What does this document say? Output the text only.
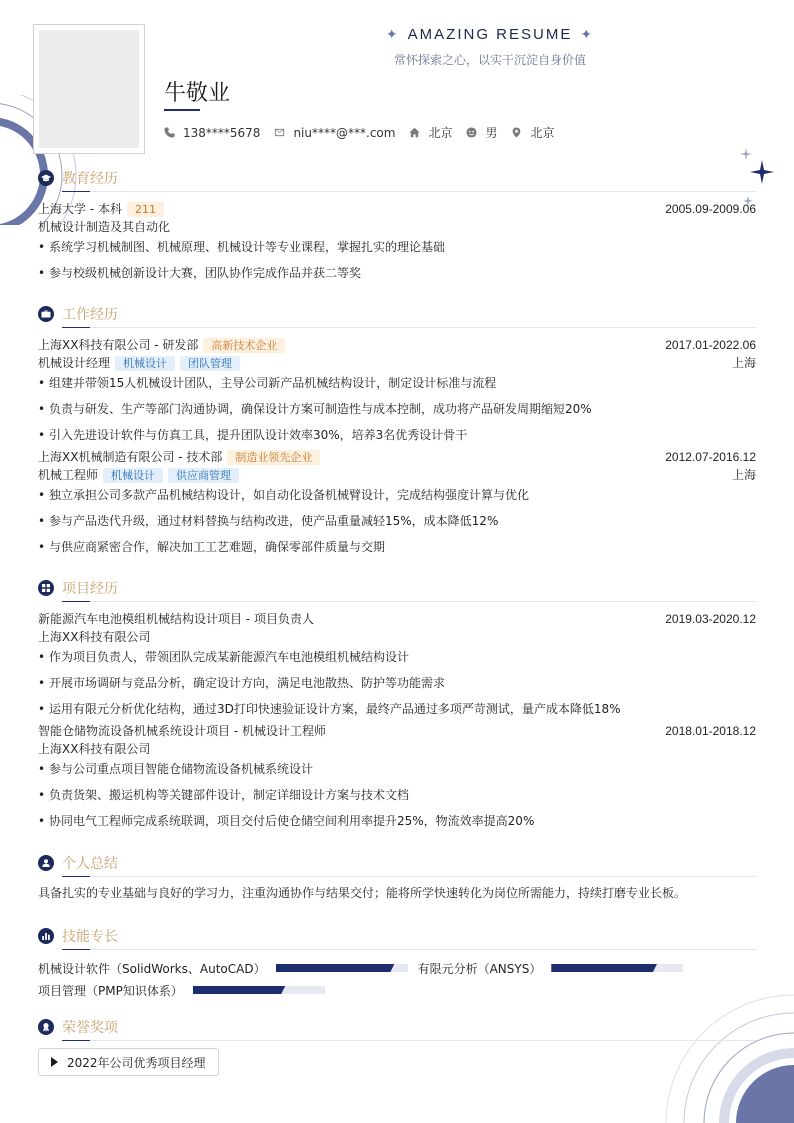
✦ AMAZING RESUME ✦
常怀探索之心，以实干沉淀自身价值
牛敬业
138****5678	niu****@***.com	北京	男	北京
教育经历
上海大学 - 本科	211	2005.09-2009.06
机械设计制造及其自动化
• 系统学习机械制图、机械原理、机械设计等专业课程，掌握扎实的理论基础
• 参与校级机械创新设计大赛，团队协作完成作品并获二等奖
工作经历
上海XX科技有限公司 - 研发部	高新技术企业	2017.01-2022.06
机械设计经理	机械设计	团队管理	上海
• 组建并带领15人机械设计团队，主导公司新产品机械结构设计，制定设计标准与流程
• 负责与研发、生产等部门沟通协调，确保设计方案可制造性与成本控制，成功将产品研发周期缩短20%
• 引入先进设计软件与仿真工具，提升团队设计效率30%，培养3名优秀设计骨干
上海XX机械制造有限公司 - 技术部	制造业领先企业	2012.07-2016.12
机械工程师	机械设计	供应商管理	上海
• 独立承担公司多款产品机械结构设计，如自动化设备机械臂设计，完成结构强度计算与优化
• 参与产品迭代升级，通过材料替换与结构改进，使产品重量减轻15%，成本降低12%
• 与供应商紧密合作，解决加工工艺难题，确保零部件质量与交期
项目经历
新能源汽车电池模组机械结构设计项目 - 项目负责人	2019.03-2020.12
上海XX科技有限公司
• 作为项目负责人，带领团队完成某新能源汽车电池模组机械结构设计
• 开展市场调研与竞品分析，确定设计方向，满足电池散热、防护等功能需求
• 运用有限元分析优化结构，通过3D打印快速验证设计方案，最终产品通过多项严苛测试，量产成本降低18%
智能仓储物流设备机械系统设计项目 - 机械设计工程师	2018.01-2018.12
上海XX科技有限公司
• 参与公司重点项目智能仓储物流设备机械系统设计
• 负责货架、搬运机构等关键部件设计，制定详细设计方案与技术文档
• 协同电气工程师完成系统联调，项目交付后使仓储空间利用率提升25%，物流效率提高20%
个人总结
具备扎实的专业基础与良好的学习力，注重沟通协作与结果交付；能将所学快速转化为岗位所需能力，持续打磨专业长板。
技能专长
机械设计软件（SolidWorks、AutoCAD）	有限元分析（ANSYS）
项目管理（PMP知识体系）
荣誉奖项
2022年公司优秀项目经理
